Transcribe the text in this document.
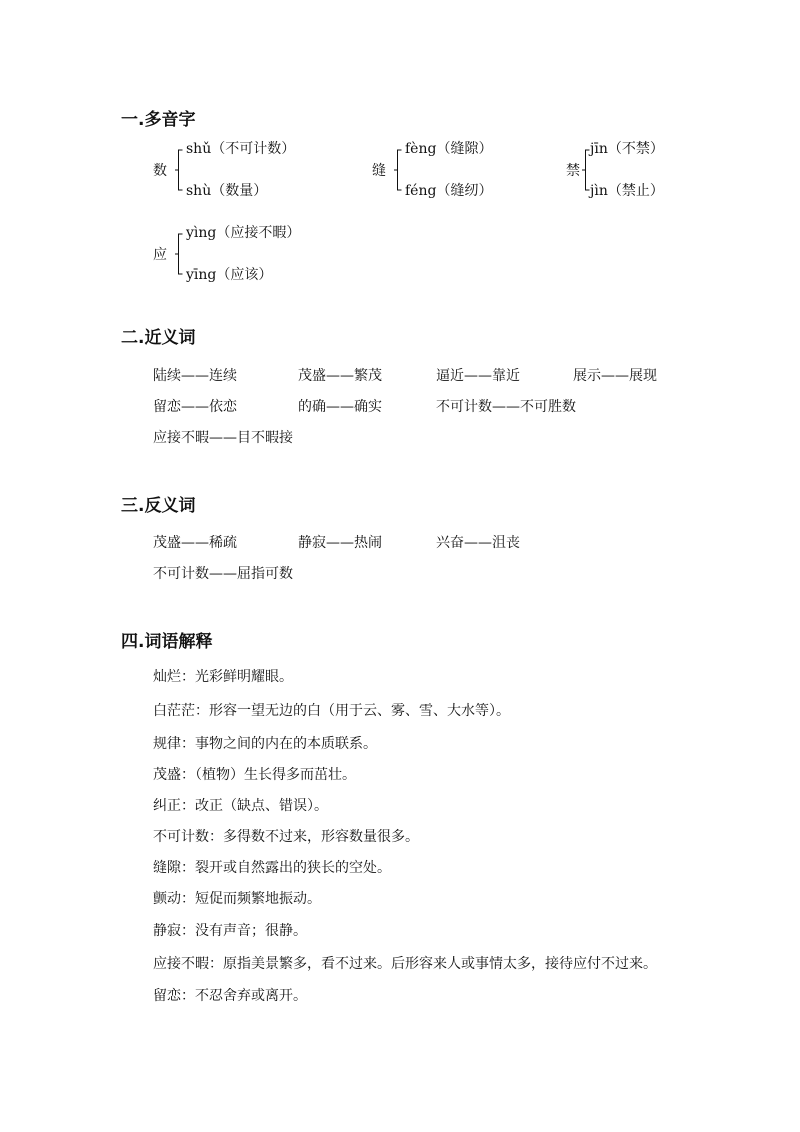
一.多音字
数
shǔ（不可计数）
shù（数量）
缝
fèng（缝隙）
féng（缝纫）
禁
jīn（不禁）
jìn（禁止）
应
yìng（应接不暇）
yīng（应该）
二.近义词
陆续——连续	茂盛——繁茂	逼近——靠近	展示——展现
留恋——依恋	的确——确实	不可计数——不可胜数
应接不暇——目不暇接
三.反义词
茂盛——稀疏	静寂——热闹	兴奋——沮丧
不可计数——屈指可数
四.词语解释
灿烂：光彩鲜明耀眼。
白茫茫：形容一望无边的白（用于云、雾、雪、大水等）。
规律：事物之间的内在的本质联系。
茂盛：（植物）生长得多而茁壮。
纠正：改正（缺点、错误）。
不可计数：多得数不过来，形容数量很多。
缝隙：裂开或自然露出的狭长的空处。
颤动：短促而频繁地振动。
静寂：没有声音；很静。
应接不暇：原指美景繁多，看不过来。后形容来人或事情太多，接待应付不过来。
留恋：不忍舍弃或离开。
